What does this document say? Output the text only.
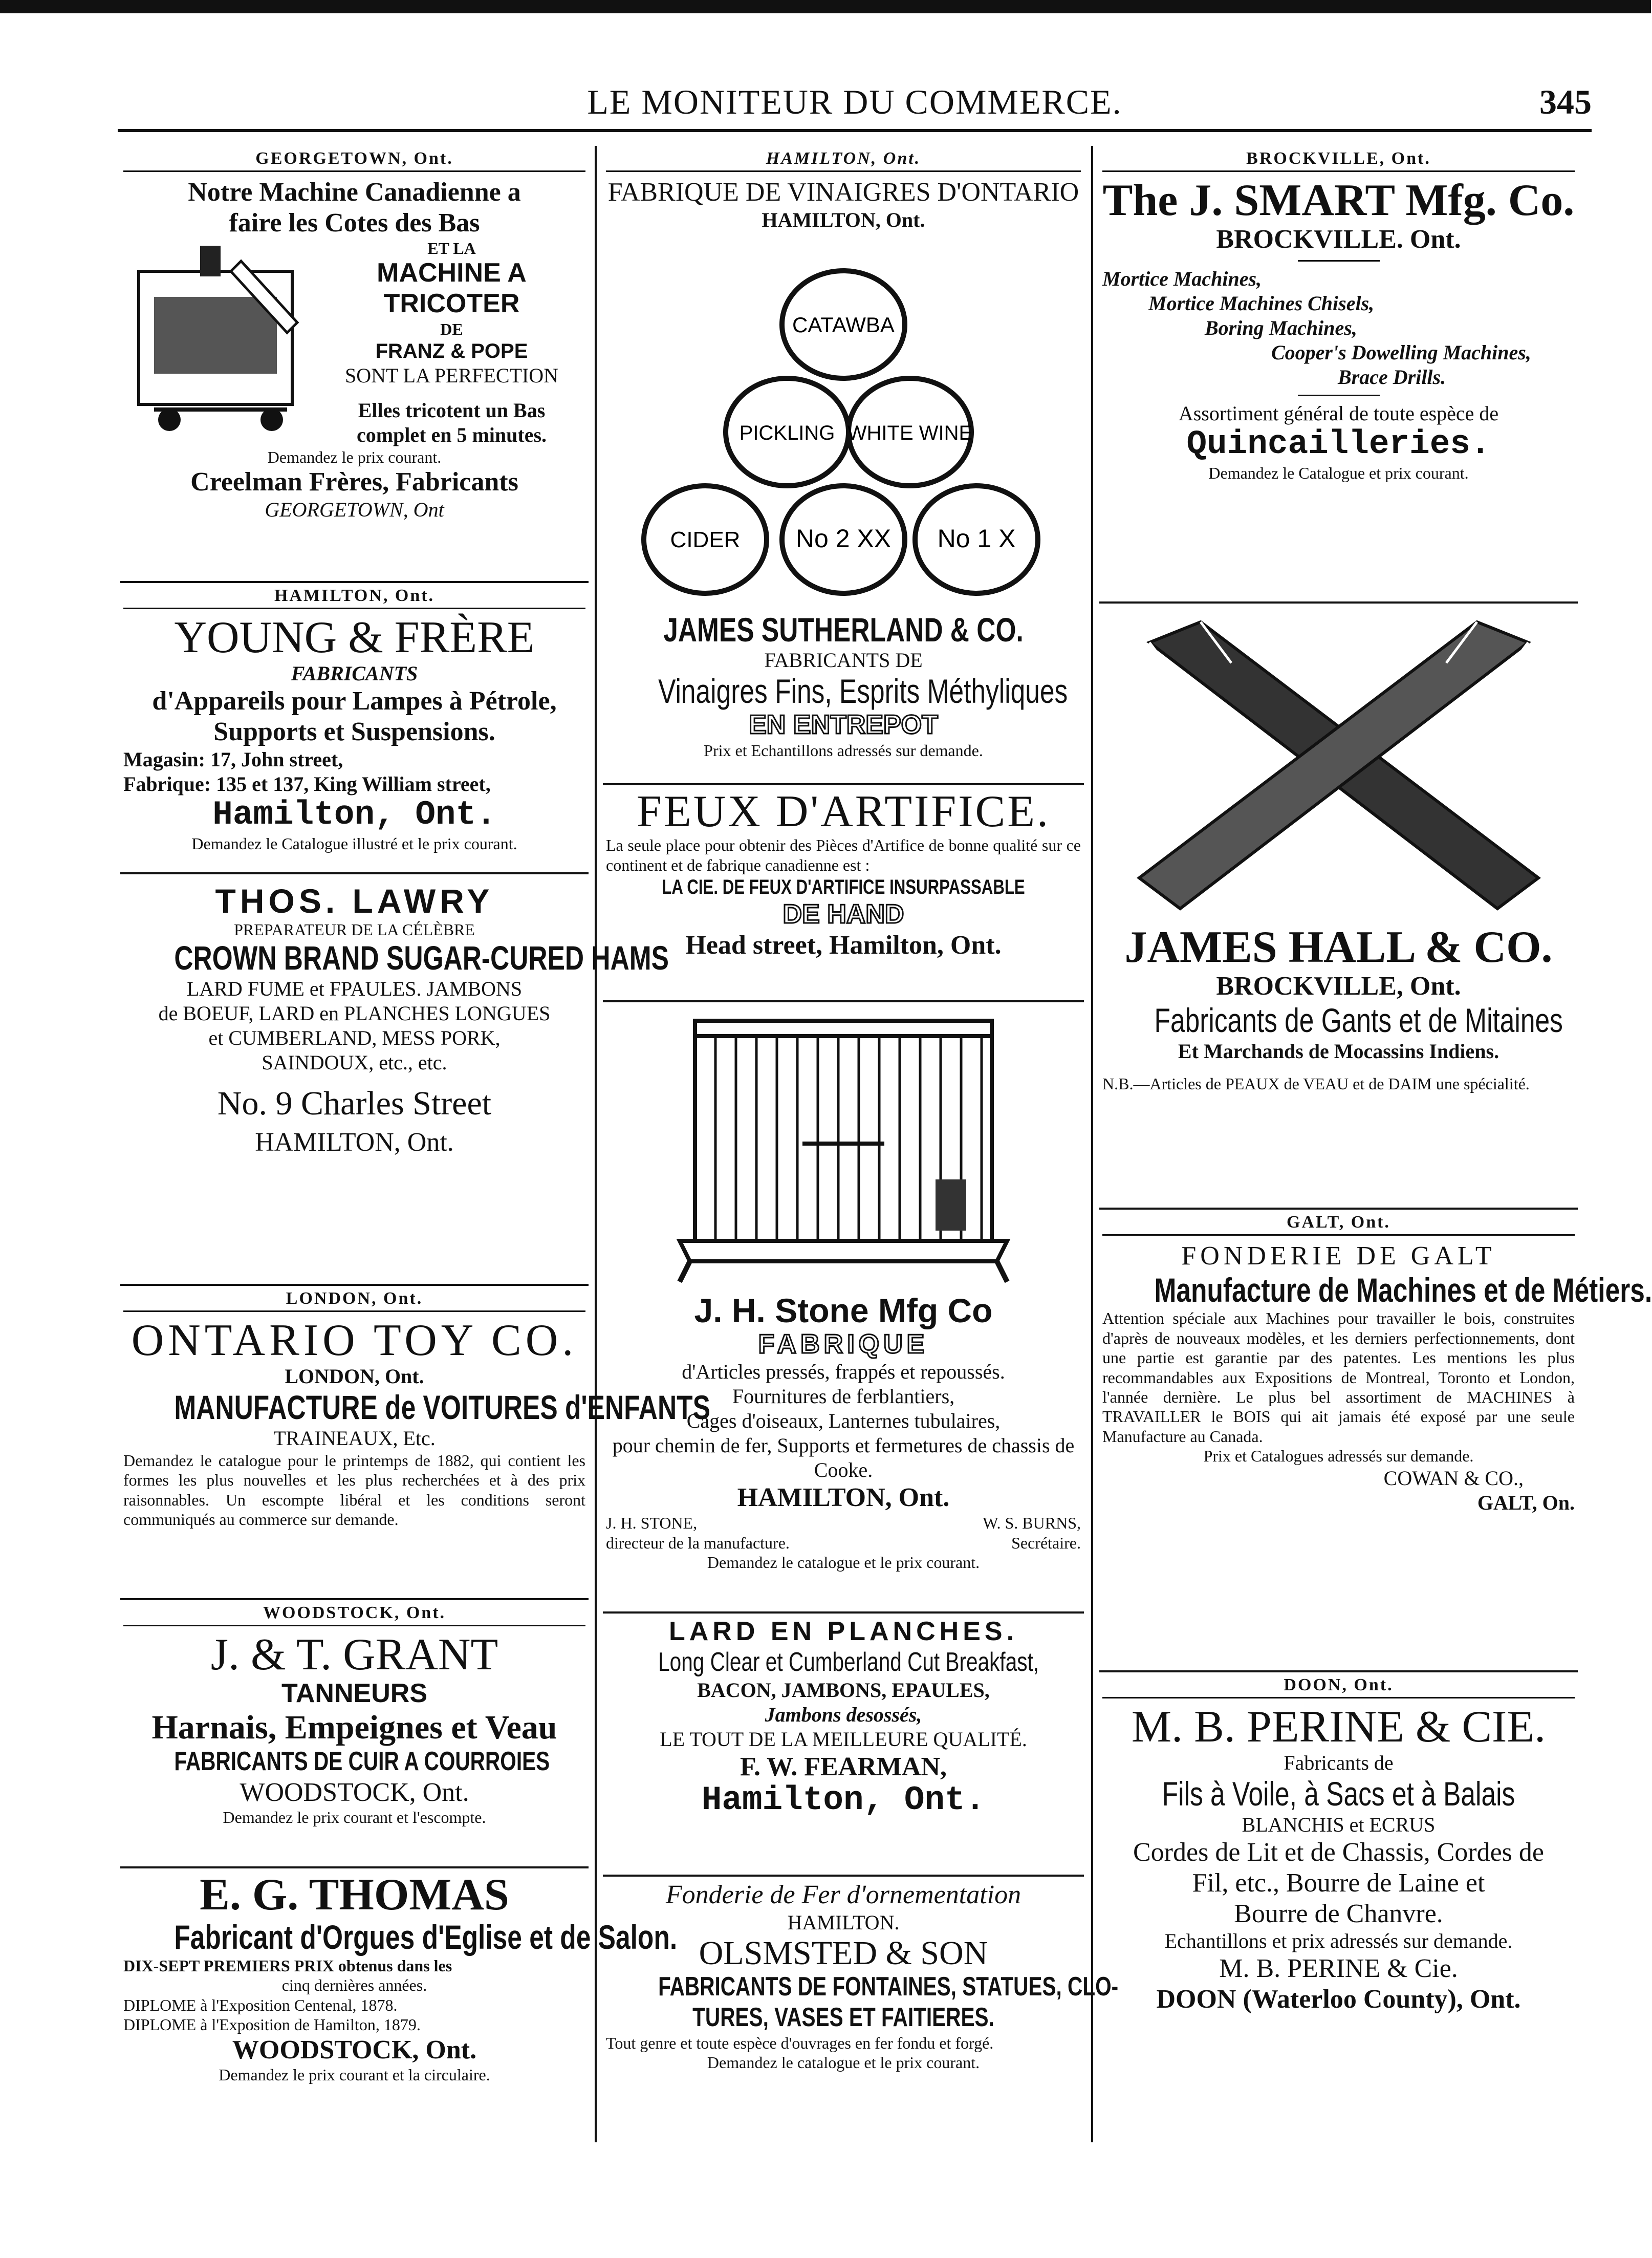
LE MONITEUR DU COMMERCE.	345
GEORGETOWN, Ont.
Notre Machine Canadienne a
faire les Cotes des Bas
ET LA
MACHINE A TRICOTER
DE
FRANZ & POPE
SONT LA PERFECTION
Elles tricotent un Bas
complet en 5 minutes.
Demandez le prix courant.
Creelman Frères, Fabricants
GEORGETOWN, Ont
HAMILTON, Ont.
YOUNG & FRÈRE
FABRICANTS
d'Appareils pour Lampes à Pétrole,
Supports et Suspensions.
Magasin: 17, John street,
Fabrique: 135 et 137, King William street,
Hamilton, Ont.
Demandez le Catalogue illustré et le prix courant.
THOS. LAWRY
PREPARATEUR DE LA CÉLÈBRE
CROWN BRAND SUGAR-CURED HAMS
LARD FUME et FPAULES. JAMBONS
de BOEUF, LARD en PLANCHES LONGUES
et CUMBERLAND, MESS PORK,
SAINDOUX, etc., etc.
No. 9 Charles Street
HAMILTON, Ont.
LONDON, Ont.
ONTARIO TOY CO.
LONDON, Ont.
MANUFACTURE de VOITURES d'ENFANTS
TRAINEAUX, Etc.
Demandez le catalogue pour le printemps de 1882, qui contient les formes les plus nouvelles et les plus recherchées et à des prix raisonnables. Un escompte libéral et les conditions seront communiqués au commerce sur demande.
WOODSTOCK, Ont.
J. & T. GRANT
TANNEURS
Harnais, Empeignes et Veau
FABRICANTS DE CUIR A COURROIES
WOODSTOCK, Ont.
Demandez le prix courant et l'escompte.
E. G. THOMAS
Fabricant d'Orgues d'Eglise et de Salon.
DIX-SEPT PREMIERS PRIX obtenus dans les
cinq dernières années.
DIPLOME à l'Exposition Centenal, 1878.
DIPLOME à l'Exposition de Hamilton, 1879.
WOODSTOCK, Ont.
Demandez le prix courant et la circulaire.
HAMILTON, Ont.
FABRIQUE DE VINAIGRES D'ONTARIO
HAMILTON, Ont.
CATAWBA
PICKLING WHITE WINE
CIDER No 2 XX No 1 X
JAMES SUTHERLAND & CO.
FABRICANTS DE
Vinaigres Fins, Esprits Méthyliques
EN ENTREPOT
Prix et Echantillons adressés sur demande.
FEUX D'ARTIFICE.
La seule place pour obtenir des Pièces d'Artifice de bonne qualité sur ce continent et de fabrique canadienne est :
LA CIE. DE FEUX D'ARTIFICE INSURPASSABLE
DE HAND
Head street, Hamilton, Ont.
J. H. Stone Mfg Co
FABRIQUE
d'Articles pressés, frappés et repoussés.
Fournitures de ferblantiers,
Cages d'oiseaux, Lanternes tubulaires,
pour chemin de fer, Supports et fermetures de chassis de Cooke.
HAMILTON, Ont.
J. H. STONE,
directeur de la manufacture.
W. S. BURNS,
Secrétaire.
Demandez le catalogue et le prix courant.
LARD EN PLANCHES.
Long Clear et Cumberland Cut Breakfast,
BACON, JAMBONS, EPAULES,
Jambons desossés,
LE TOUT DE LA MEILLEURE QUALITÉ.
F. W. FEARMAN,
Hamilton, Ont.
Fonderie de Fer d'ornementation
HAMILTON.
OLSMSTED & SON
FABRICANTS DE FONTAINES, STATUES, CLO-
TURES, VASES ET FAITIERES.
Tout genre et toute espèce d'ouvrages en fer fondu et forgé.
Demandez le catalogue et le prix courant.
BROCKVILLE, Ont.
The J. SMART Mfg. Co.
BROCKVILLE. Ont.
Mortice Machines,
Mortice Machines Chisels,
Boring Machines,
Cooper's Dowelling Machines,
Brace Drills.
Assortiment général de toute espèce de
Quincailleries.
Demandez le Catalogue et prix courant.
JAMES HALL & CO.
BROCKVILLE, Ont.
Fabricants de Gants et de Mitaines
Et Marchands de Mocassins Indiens.
N.B.—Articles de PEAUX de VEAU et de DAIM une spécialité.
GALT, Ont.
FONDERIE DE GALT
Manufacture de Machines et de Métiers.
Attention spéciale aux Machines pour travailler le bois, construites d'après de nouveaux modèles, et les derniers perfectionnements, dont une partie est garantie par des patentes. Les mentions les plus recommandables aux Expositions de Montreal, Toronto et London, l'année dernière. Le plus bel assortiment de MACHINES à TRAVAILLER le BOIS qui ait jamais été exposé par une seule Manufacture au Canada.
Prix et Catalogues adressés sur demande.
COWAN & CO.,
GALT, On.
DOON, Ont.
M. B. PERINE & CIE.
Fabricants de
Fils à Voile, à Sacs et à Balais
BLANCHIS et ECRUS
Cordes de Lit et de Chassis, Cordes de
Fil, etc., Bourre de Laine et
Bourre de Chanvre.
Echantillons et prix adressés sur demande.
M. B. PERINE & Cie.
DOON (Waterloo County), Ont.
